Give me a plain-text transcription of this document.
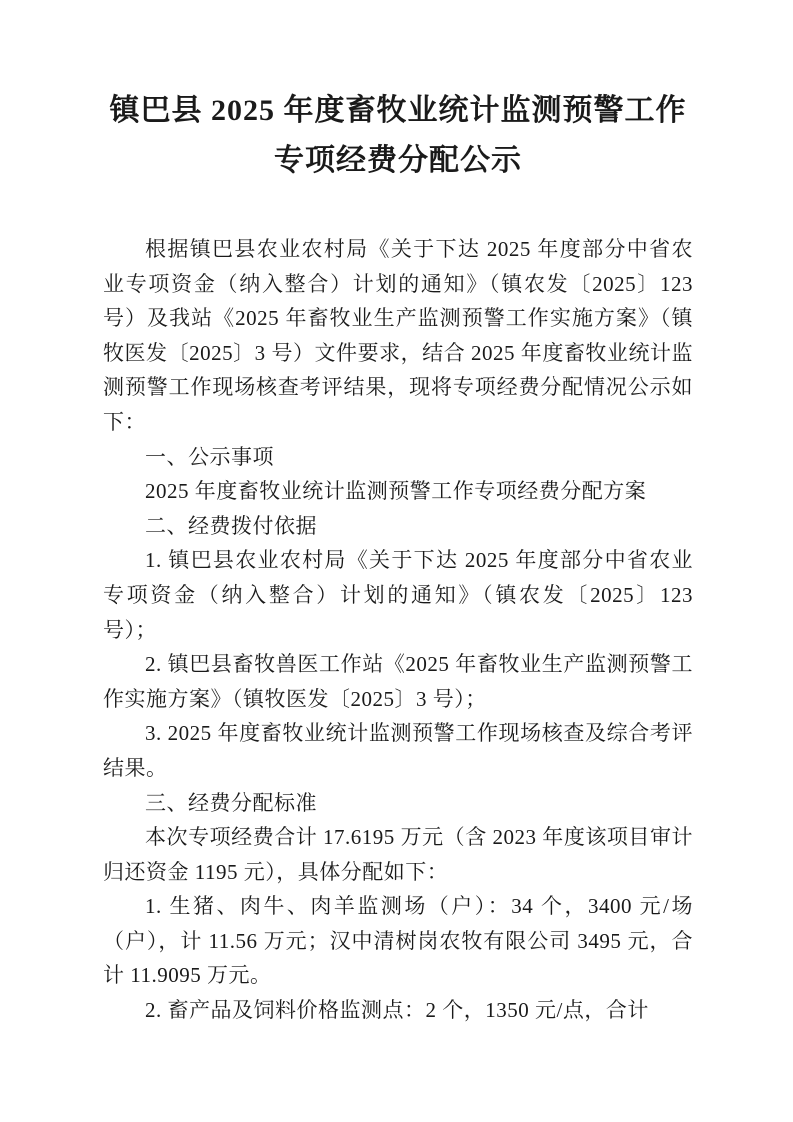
镇巴县 2025 年度畜牧业统计监测预警工作
专项经费分配公示

根据镇巴县农业农村局《关于下达 2025 年度部分中省农业专项资金（纳入整合）计划的通知》（镇农发〔2025〕123 号）及我站《2025 年畜牧业生产监测预警工作实施方案》（镇牧医发〔2025〕3 号）文件要求，结合 2025 年度畜牧业统计监测预警工作现场核查考评结果，现将专项经费分配情况公示如下：

一、公示事项

2025 年度畜牧业统计监测预警工作专项经费分配方案

二、经费拨付依据

1. 镇巴县农业农村局《关于下达 2025 年度部分中省农业专项资金（纳入整合）计划的通知》（镇农发〔2025〕123 号）；

2. 镇巴县畜牧兽医工作站《2025 年畜牧业生产监测预警工作实施方案》（镇牧医发〔2025〕3 号）；

3. 2025 年度畜牧业统计监测预警工作现场核查及综合考评结果。

三、经费分配标准

本次专项经费合计 17.6195 万元（含 2023 年度该项目审计归还资金 1195 元），具体分配如下：

1. 生猪、肉牛、肉羊监测场（户）：34 个，3400 元/场（户），计 11.56 万元；汉中清树岗农牧有限公司 3495 元，合计 11.9095 万元。

2. 畜产品及饲料价格监测点：2 个，1350 元/点，合计
